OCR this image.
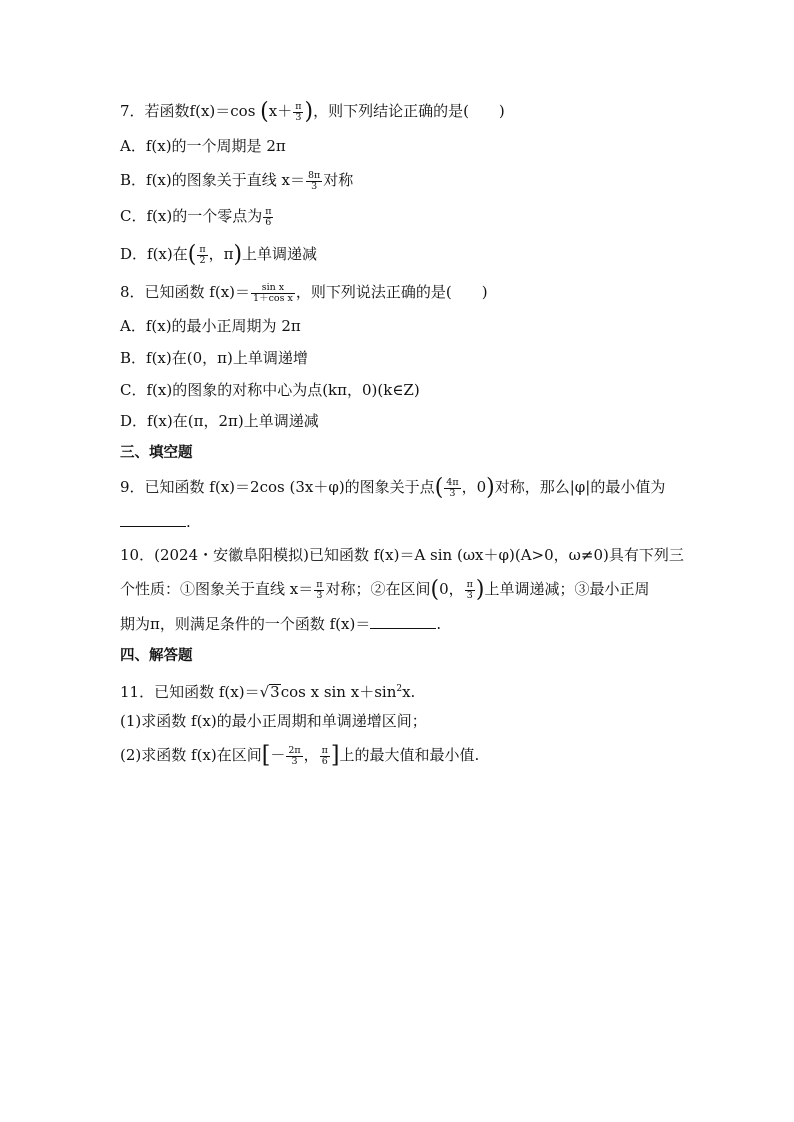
7．若函数f(x)＝cos ($x+ \frac{\pi}{3}$ )，则下列结论正确的是(　　)
A．f(x)的一个周期是 2π
B．f(x)的图象关于直线 $x= \frac{8\pi}{3}$ 对称
C．f(x)的一个零点为 $\frac{\pi}{6}$
D．f(x)在( $\frac{\pi}{2}$ ，π)上单调递减
8．已知函数 $f(x)= \frac{\text{sin x}}{\text{1＋cos x}}$ ，则下列说法正确的是(　　)
A．f(x)的最小正周期为 2π
B．f(x)在(0，π)上单调递增
C．f(x)的图象的对称中心为点(kπ，0)(k∈Z)
D．f(x)在(π，2π)上单调递减
三、填空题
9．已知函数 f(x)＝2cos (3x＋φ)的图象关于点( $\frac{4\pi}{3}$ ，0)对称，那么|φ|的最小值为
.
10．(2024・安徽阜阳模拟)已知函数 f(x)＝A sin (ωx＋φ)(A>0，ω≠0)具有下列三
个性质：①图象关于直线 $x= \frac{\pi}{3}$ 对称；②在区间(0， $\frac{\pi}{3}$ )上单调递减；③最小正周
期为π，则满足条件的一个函数 f(x)＝	.
四、解答题
11．已知函数 f(x)＝√3cos x $\sin x+\sin^2x$.
(1)求函数 f(x)的最小正周期和单调递增区间；
(2)求函数 f(x)在区间[－ $\frac{2\pi}{3}$ ， $\frac{\pi}{6}$ ]上的最大值和最小值.
